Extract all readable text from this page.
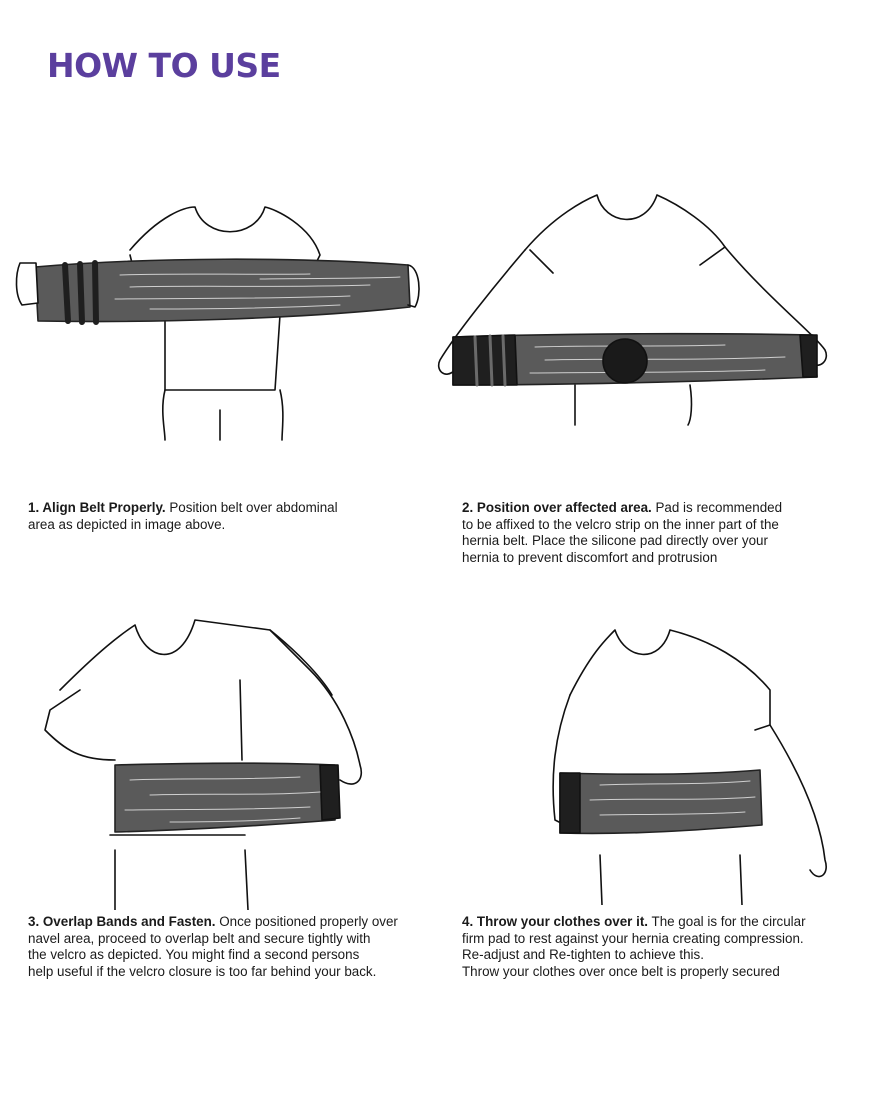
HOW TO USE
1. Align Belt Properly. Position belt over abdominal
area as depicted in image above.
2. Position over affected area. Pad is recommended
to be affixed to the velcro strip on the inner part of the
hernia belt. Place the silicone pad directly over your
hernia to prevent discomfort and protrusion
3. Overlap Bands and Fasten. Once positioned properly over
navel area, proceed to overlap belt and secure tightly with
the velcro as depicted. You might find a second persons
help useful if the velcro closure is too far behind your back.
4. Throw your clothes over it. The goal is for the circular
firm pad to rest against your hernia creating compression.
Re-adjust and Re-tighten to achieve this.
Throw your clothes over once belt is properly secured
